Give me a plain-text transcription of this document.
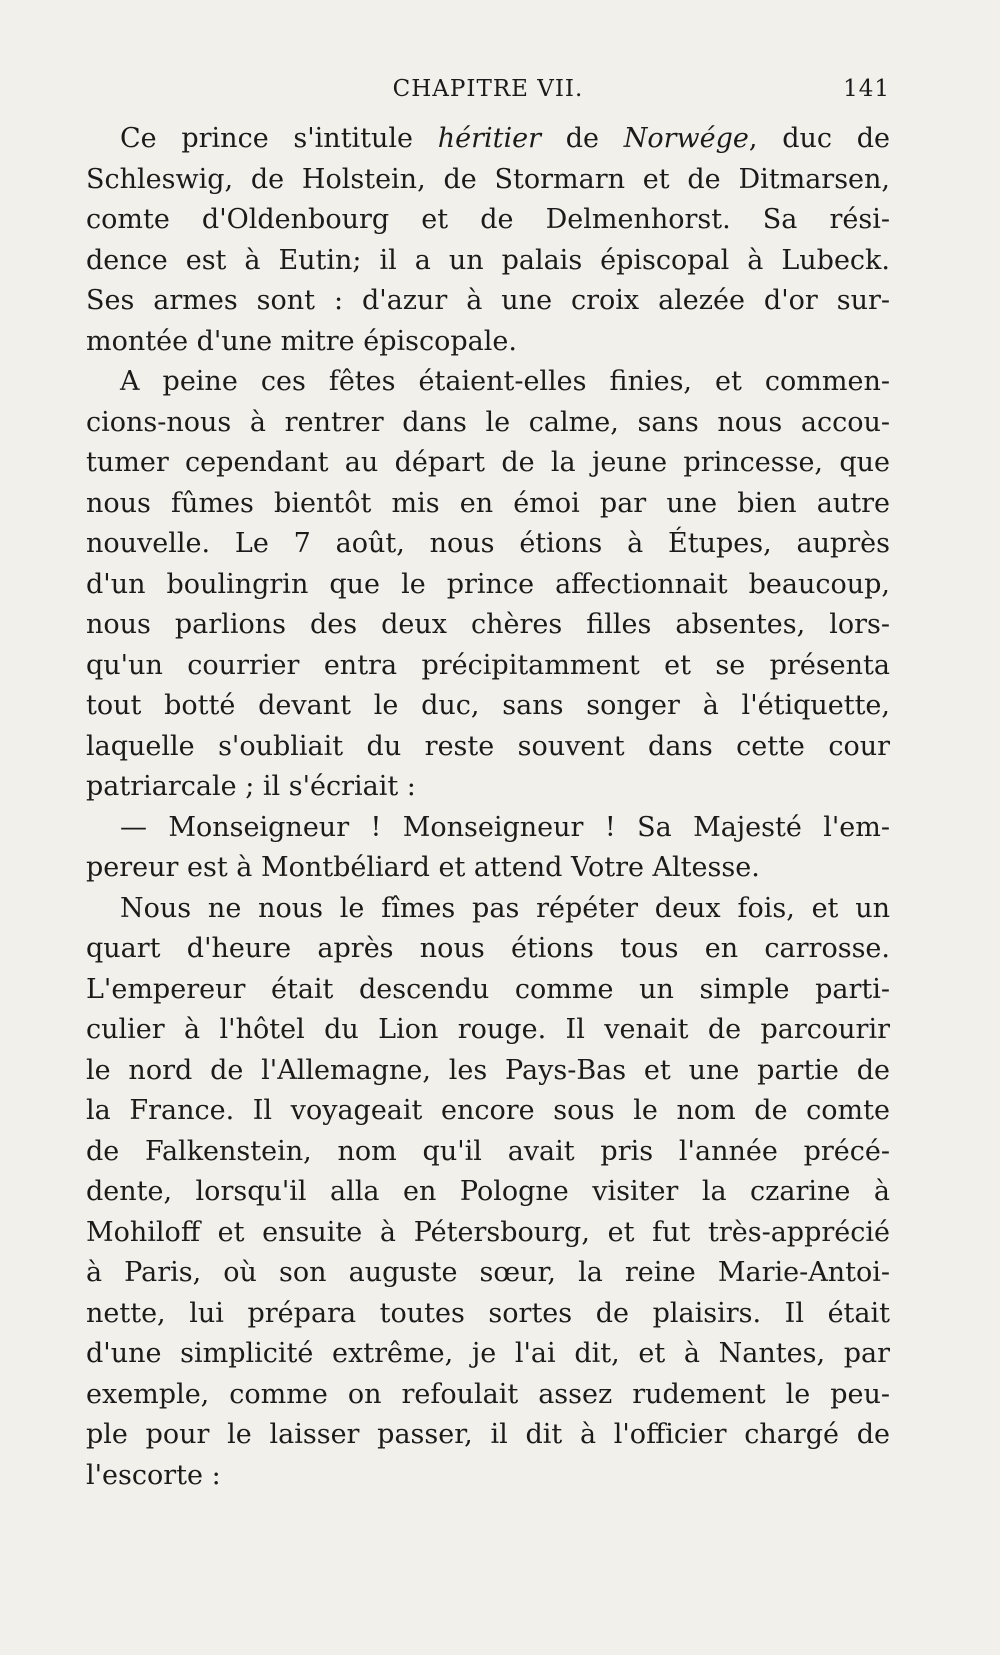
CHAPITRE VII.	141
Ce prince s'intitule héritier de Norwége, duc de
Schleswig, de Holstein, de Stormarn et de Ditmarsen,
comte d'Oldenbourg et de Delmenhorst. Sa rési-
dence est à Eutin; il a un palais épiscopal à Lubeck.
Ses armes sont : d'azur à une croix alezée d'or sur-
montée d'une mitre épiscopale.
A peine ces fêtes étaient-elles finies, et commen-
cions-nous à rentrer dans le calme, sans nous accou-
tumer cependant au départ de la jeune princesse, que
nous fûmes bientôt mis en émoi par une bien autre
nouvelle. Le 7 août, nous étions à Étupes, auprès
d'un boulingrin que le prince affectionnait beaucoup,
nous parlions des deux chères filles absentes, lors-
qu'un courrier entra précipitamment et se présenta
tout botté devant le duc, sans songer à l'étiquette,
laquelle s'oubliait du reste souvent dans cette cour
patriarcale ; il s'écriait :
— Monseigneur ! Monseigneur ! Sa Majesté l'em-
pereur est à Montbéliard et attend Votre Altesse.
Nous ne nous le fîmes pas répéter deux fois, et un
quart d'heure après nous étions tous en carrosse.
L'empereur était descendu comme un simple parti-
culier à l'hôtel du Lion rouge. Il venait de parcourir
le nord de l'Allemagne, les Pays-Bas et une partie de
la France. Il voyageait encore sous le nom de comte
de Falkenstein, nom qu'il avait pris l'année précé-
dente, lorsqu'il alla en Pologne visiter la czarine à
Mohiloff et ensuite à Pétersbourg, et fut très-apprécié
à Paris, où son auguste sœur, la reine Marie-Antoi-
nette, lui prépara toutes sortes de plaisirs. Il était
d'une simplicité extrême, je l'ai dit, et à Nantes, par
exemple, comme on refoulait assez rudement le peu-
ple pour le laisser passer, il dit à l'officier chargé de
l'escorte :
